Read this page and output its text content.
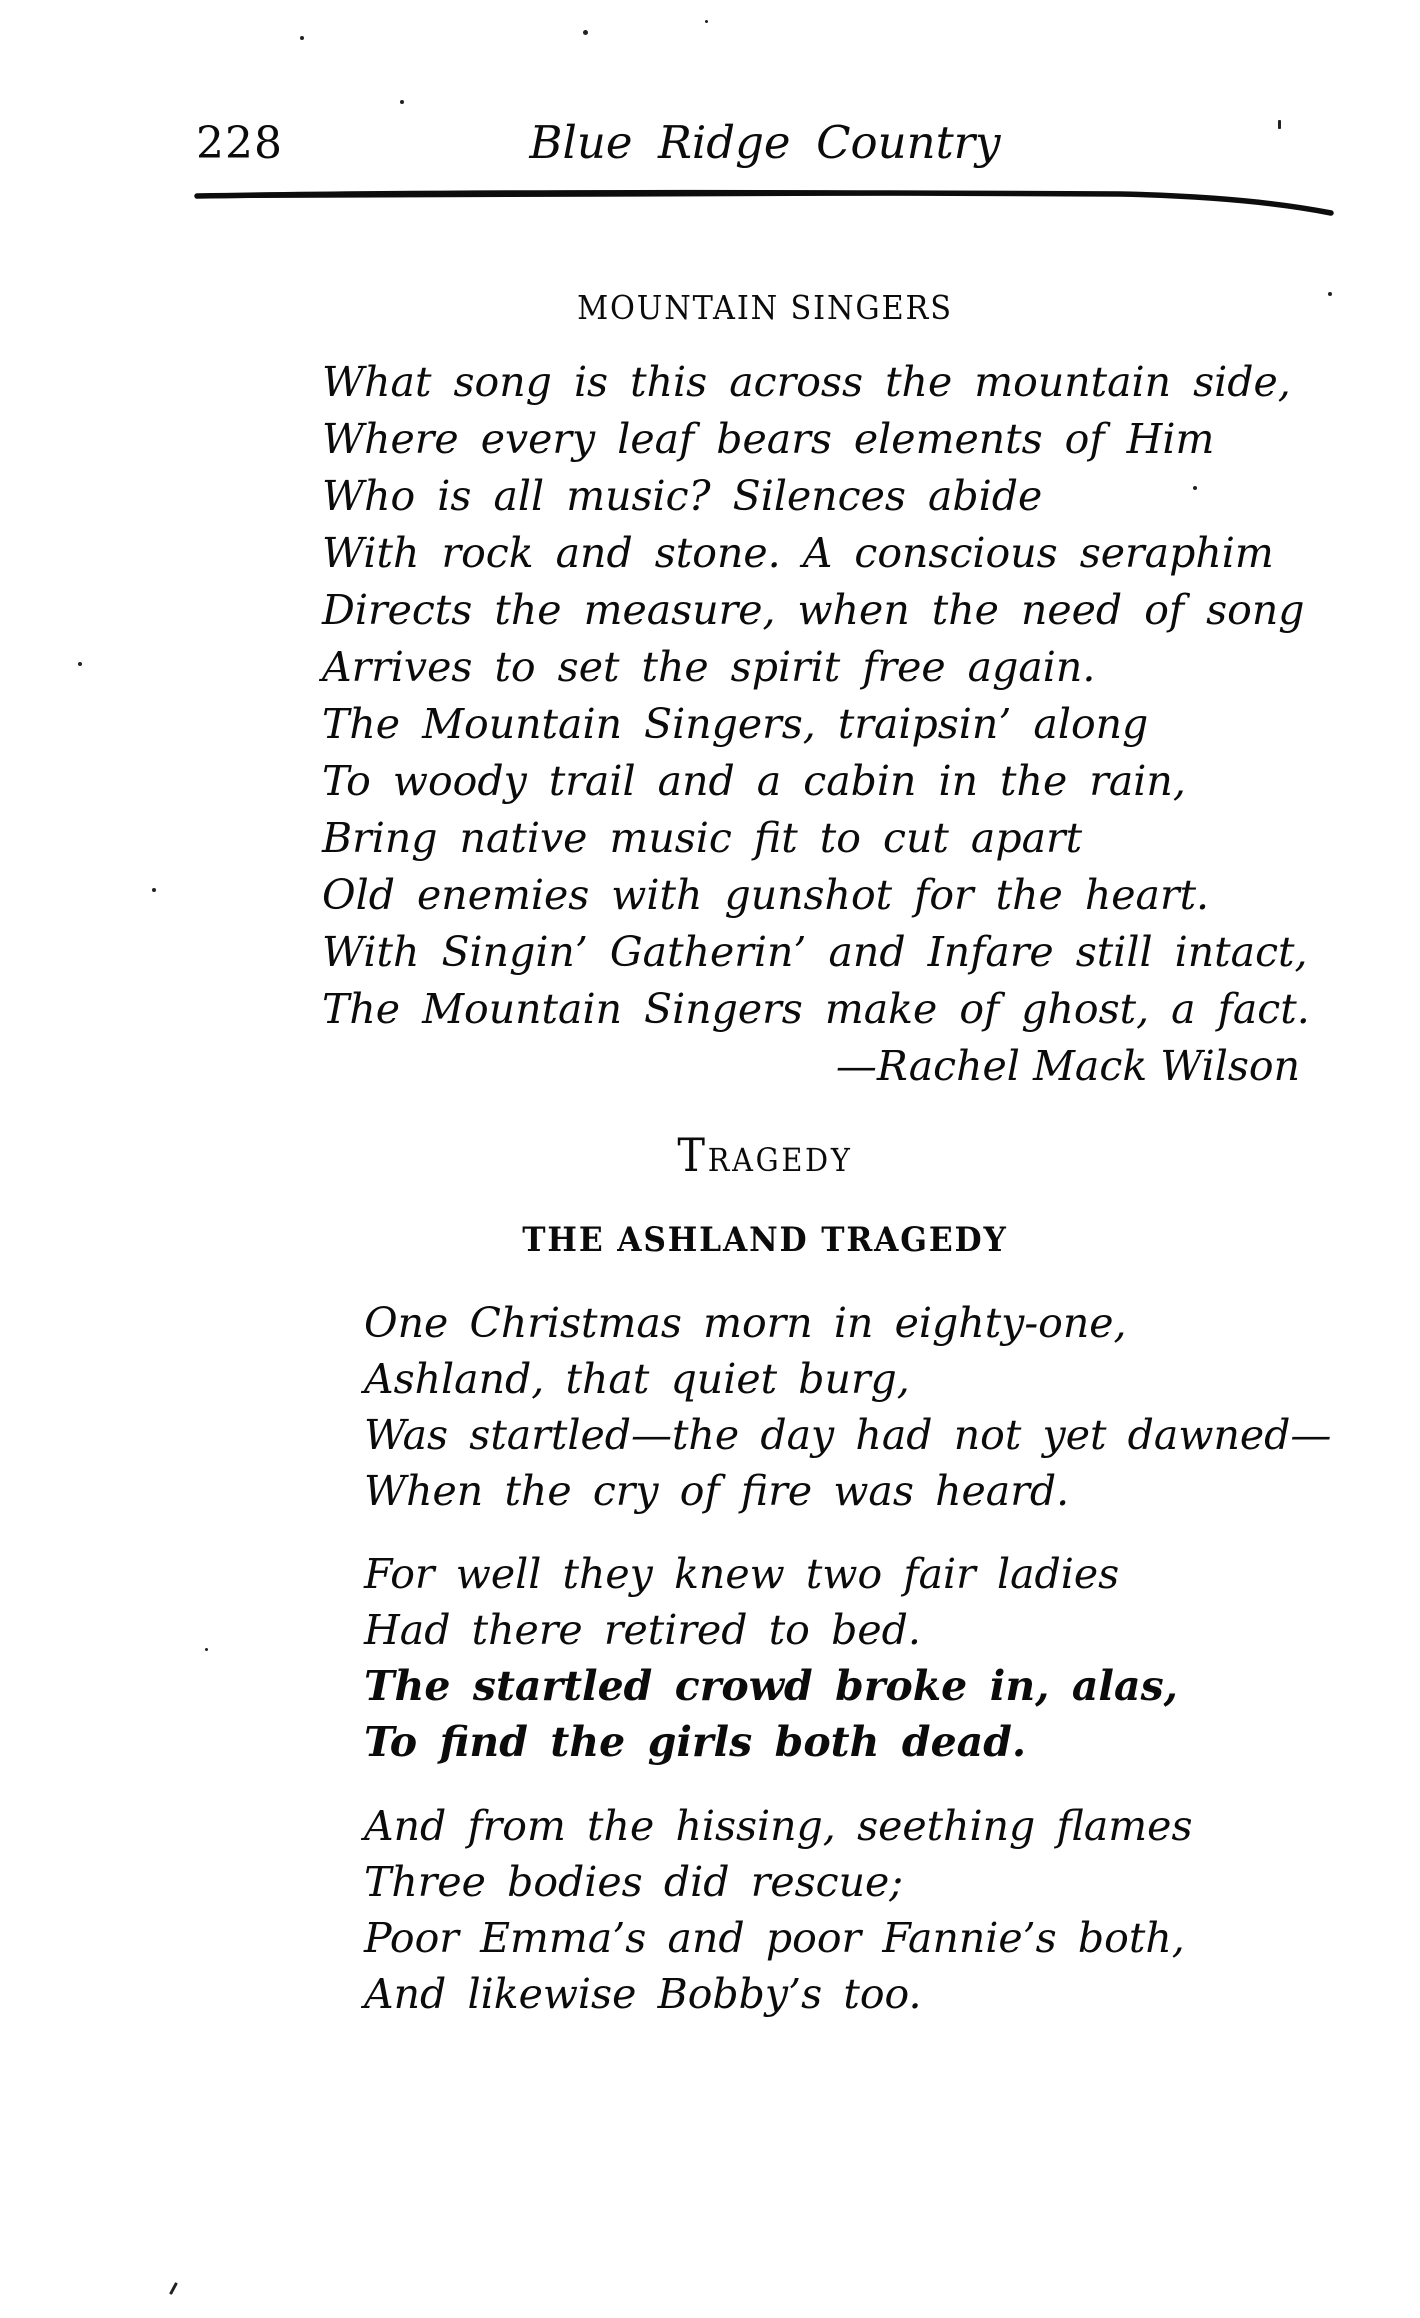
228	Blue Ridge Country
MOUNTAIN SINGERS
What song is this across the mountain side,
Where every leaf bears elements of Him
Who is all music? Silences abide
With rock and stone. A conscious seraphim
Directs the measure, when the need of song
Arrives to set the spirit free again.
The Mountain Singers, traipsin’ along
To woody trail and a cabin in the rain,
Bring native music fit to cut apart
Old enemies with gunshot for the heart.
With Singin’ Gatherin’ and Infare still intact,
The Mountain Singers make of ghost, a fact.
—Rachel Mack Wilson
Tragedy
THE ASHLAND TRAGEDY
One Christmas morn in eighty-one,
Ashland, that quiet burg,
Was startled—the day had not yet dawned—
When the cry of fire was heard.
For well they knew two fair ladies
Had there retired to bed.
The startled crowd broke in, alas,
To find the girls both dead.
And from the hissing, seething flames
Three bodies did rescue;
Poor Emma’s and poor Fannie’s both,
And likewise Bobby’s too.
